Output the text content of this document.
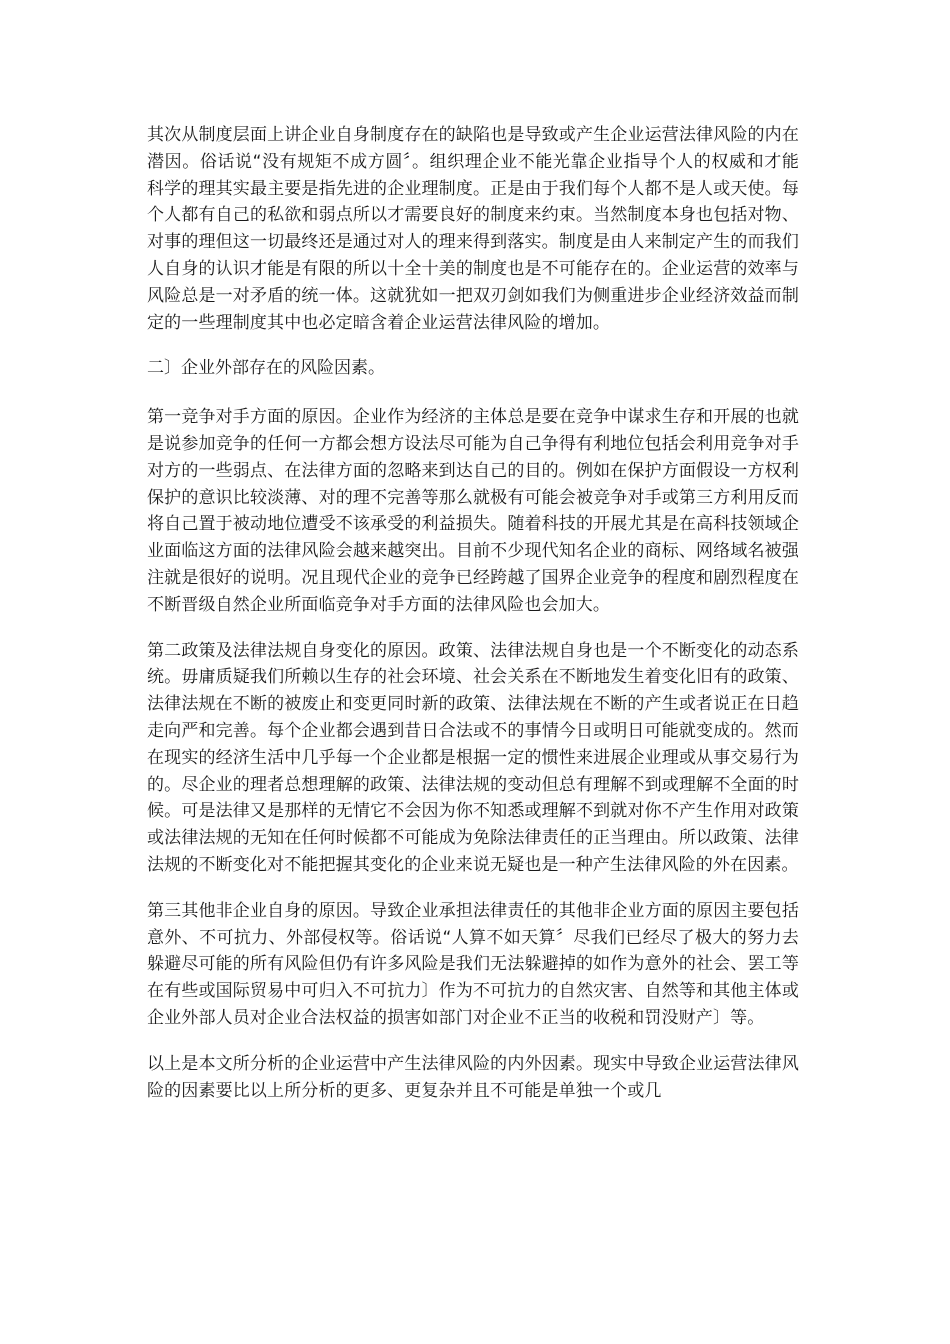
其次从制度层面上讲企业自身制度存在的缺陷也是导致或产生企业运营法律风险的内在潜因。俗话说“没有规矩不成方圆〞。组织理企业不能光靠企业指导个人的权威和才能科学的理其实最主要是指先进的企业理制度。正是由于我们每个人都不是人或天使。每个人都有自己的私欲和弱点所以才需要良好的制度来约束。当然制度本身也包括对物、对事的理但这一切最终还是通过对人的理来得到落实。制度是由人来制定产生的而我们人自身的认识才能是有限的所以十全十美的制度也是不可能存在的。企业运营的效率与风险总是一对矛盾的统一体。这就犹如一把双刃剑如我们为侧重进步企业经济效益而制定的一些理制度其中也必定暗含着企业运营法律风险的增加。

二〕企业外部存在的风险因素。

第一竞争对手方面的原因。企业作为经济的主体总是要在竞争中谋求生存和开展的也就是说参加竞争的任何一方都会想方设法尽可能为自己争得有利地位包括会利用竞争对手对方的一些弱点、在法律方面的忽略来到达自己的目的。例如在保护方面假设一方权利保护的意识比较淡薄、对的理不完善等那么就极有可能会被竞争对手或第三方利用反而将自己置于被动地位遭受不该承受的利益损失。随着科技的开展尤其是在高科技领域企业面临这方面的法律风险会越来越突出。目前不少现代知名企业的商标、网络域名被强注就是很好的说明。况且现代企业的竞争已经跨越了国界企业竞争的程度和剧烈程度在不断晋级自然企业所面临竞争对手方面的法律风险也会加大。

第二政策及法律法规自身变化的原因。政策、法律法规自身也是一个不断变化的动态系统。毋庸质疑我们所赖以生存的社会环境、社会关系在不断地发生着变化旧有的政策、法律法规在不断的被废止和变更同时新的政策、法律法规在不断的产生或者说正在日趋走向严和完善。每个企业都会遇到昔日合法或不的事情今日或明日可能就变成的。然而在现实的经济生活中几乎每一个企业都是根据一定的惯性来进展企业理或从事交易行为的。尽企业的理者总想理解的政策、法律法规的变动但总有理解不到或理解不全面的时候。可是法律又是那样的无情它不会因为你不知悉或理解不到就对你不产生作用对政策或法律法规的无知在任何时候都不可能成为免除法律责任的正当理由。所以政策、法律法规的不断变化对不能把握其变化的企业来说无疑也是一种产生法律风险的外在因素。

第三其他非企业自身的原因。导致企业承担法律责任的其他非企业方面的原因主要包括意外、不可抗力、外部侵权等。俗话说“人算不如天算〞尽我们已经尽了极大的努力去躲避尽可能的所有风险但仍有许多风险是我们无法躲避掉的如作为意外的社会、罢工等在有些或国际贸易中可归入不可抗力〕作为不可抗力的自然灾害、自然等和其他主体或企业外部人员对企业合法权益的损害如部门对企业不正当的收税和罚没财产〕等。

以上是本文所分析的企业运营中产生法律风险的内外因素。现实中导致企业运营法律风险的因素要比以上所分析的更多、更复杂并且不可能是单独一个或几
